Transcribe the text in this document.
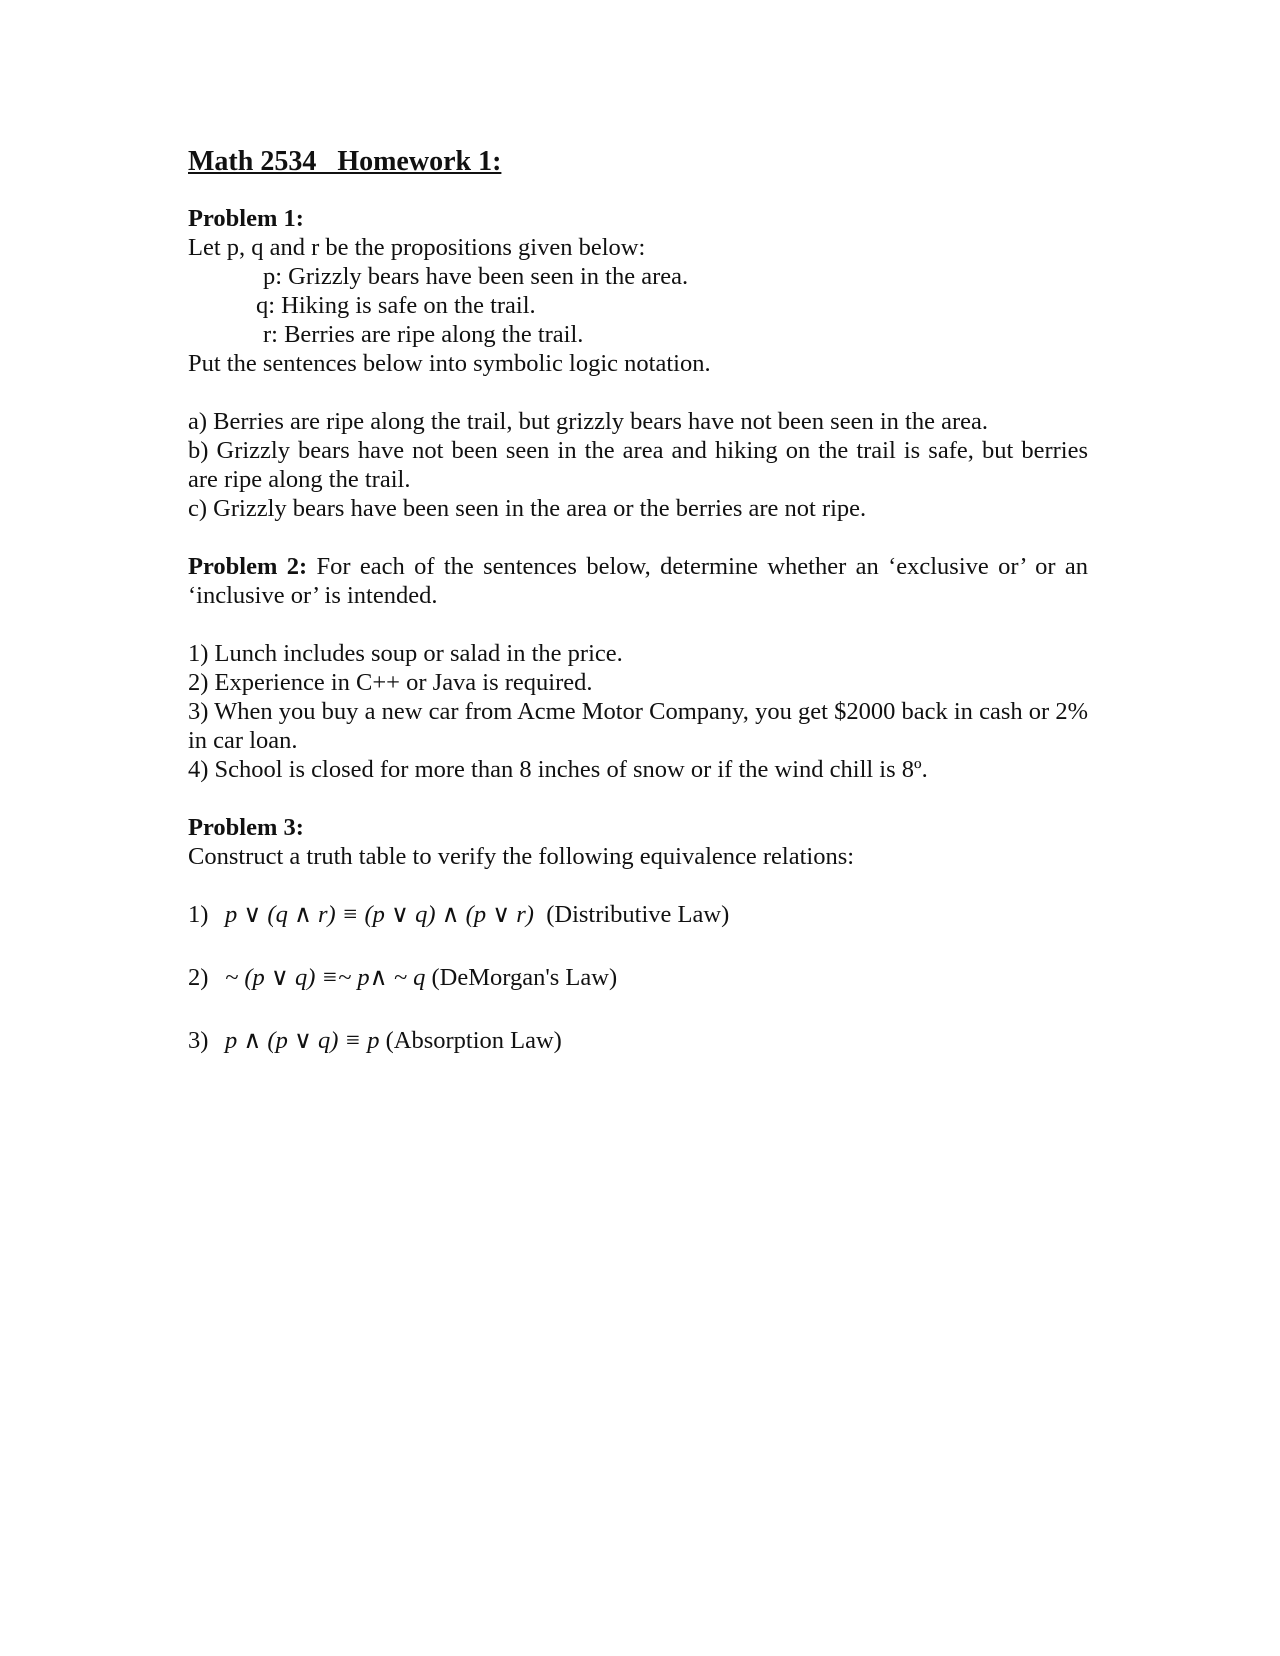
Math 2534   Homework 1:
Problem 1:
Let p, q and r be the propositions given below:
p: Grizzly bears have been seen in the area.
q: Hiking is safe on the trail.
r: Berries are ripe along the trail.
Put the sentences below into symbolic logic notation.
a) Berries are ripe along the trail, but grizzly bears have not been seen in the area.
b) Grizzly bears have not been seen in the area and hiking on the trail is safe, but berries are ripe along the trail.
c) Grizzly bears have been seen in the area or the berries are not ripe.
Problem 2: For each of the sentences below, determine whether an ‘exclusive or’ or an ‘inclusive or’ is intended.
1) Lunch includes soup or salad in the price.
2) Experience in C++ or Java is required.
3) When you buy a new car from Acme Motor Company, you get $2000 back in cash or 2% in car loan.
4) School is closed for more than 8 inches of snow or if the wind chill is 8º.
Problem 3:
Construct a truth table to verify the following equivalence relations:
1) p ∨ (q ∧ r) ≡ (p ∨ q) ∧ (p ∨ r) (Distributive Law)
2) ~ (p ∨ q) ≡~ p∧ ~ q (DeMorgan's Law)
3) p ∧ (p ∨ q) ≡ p (Absorption Law)
